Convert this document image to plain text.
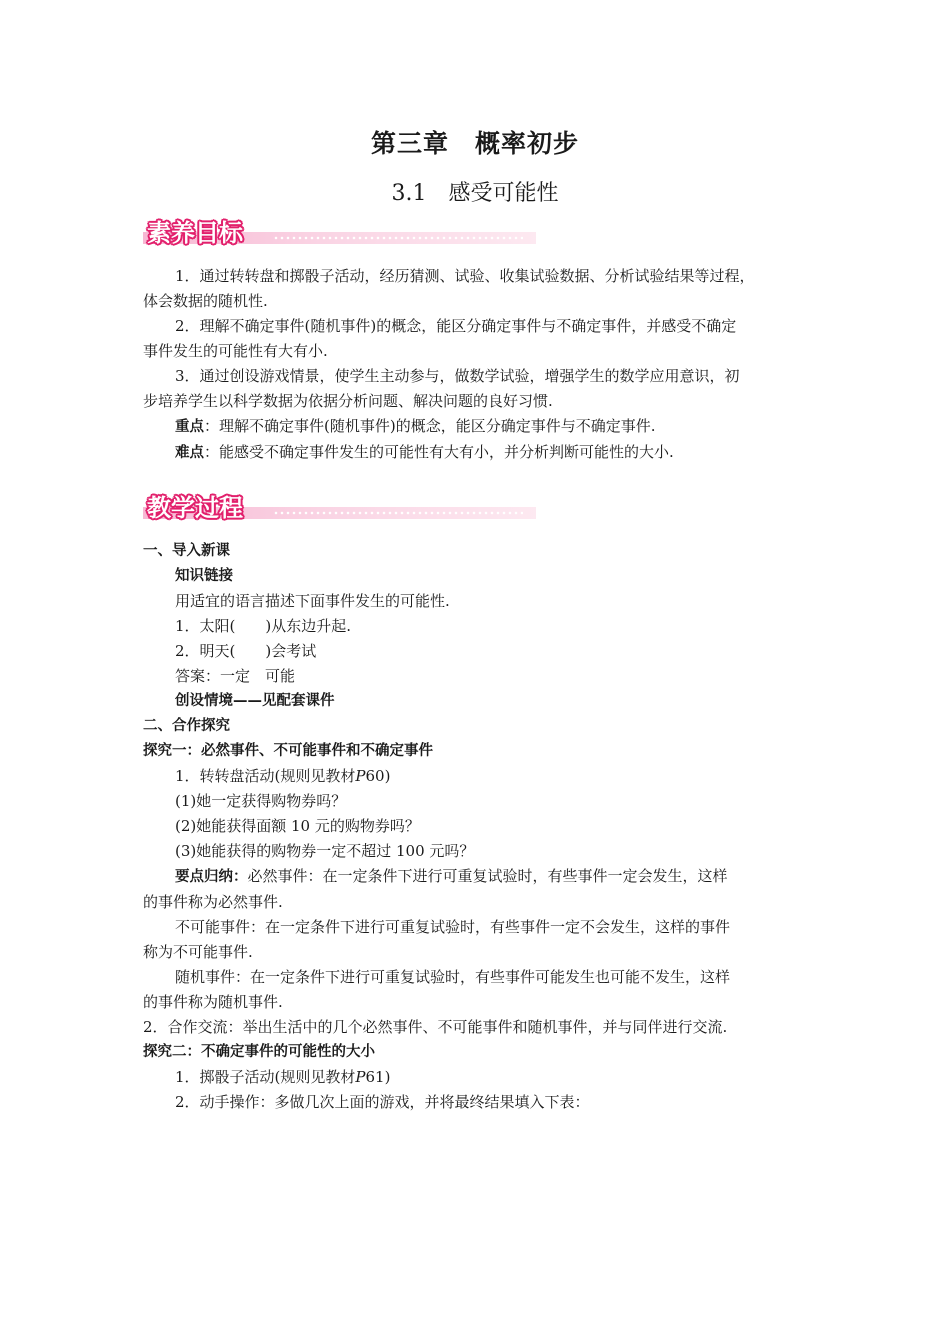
第三章　概率初步
3.1　感受可能性
素养目标

1．通过转转盘和掷骰子活动，经历猜测、试验、收集试验数据、分析试验结果等过程，

体会数据的随机性.

2．理解不确定事件(随机事件)的概念，能区分确定事件与不确定事件，并感受不确定

事件发生的可能性有大有小.

3．通过创设游戏情景，使学生主动参与，做数学试验，增强学生的数学应用意识，初

步培养学生以科学数据为依据分析问题、解决问题的良好习惯.

重点：理解不确定事件(随机事件)的概念，能区分确定事件与不确定事件.

难点：能感受不确定事件发生的可能性有大有小，并分析判断可能性的大小.

教学过程

一、导入新课

知识链接

用适宜的语言描述下面事件发生的可能性.

1．太阳(　　)从东边升起.

2．明天(　　)会考试

答案：一定　可能

创设情境——见配套课件

二、合作探究

探究一：必然事件、不可能事件和不确定事件

1．转转盘活动(规则见教材P60)

(1)她一定获得购物券吗？

(2)她能获得面额 10 元的购物券吗？

(3)她能获得的购物券一定不超过 100 元吗？

要点归纳：必然事件：在一定条件下进行可重复试验时，有些事件一定会发生，这样

的事件称为必然事件.

不可能事件：在一定条件下进行可重复试验时，有些事件一定不会发生，这样的事件

称为不可能事件.

随机事件：在一定条件下进行可重复试验时，有些事件可能发生也可能不发生，这样

的事件称为随机事件.

2．合作交流：举出生活中的几个必然事件、不可能事件和随机事件，并与同伴进行交流.

探究二：不确定事件的可能性的大小

1．掷骰子活动(规则见教材P61)

2．动手操作：多做几次上面的游戏，并将最终结果填入下表：
